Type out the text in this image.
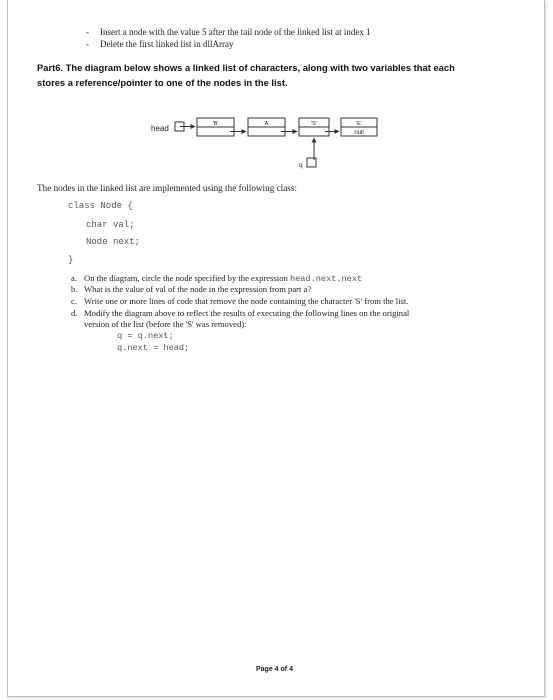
- Insert a node with the value 5 after the tail node of the linked list at index 1
- Delete the first linked list in dllArray
Part6. The diagram below shows a linked list of characters, along with two variables that each
stores a reference/pointer to one of the nodes in the list.
head	'B'	'A'	'S'	'E'
null
q
The nodes in the linked list are implemented using the following class:
class Node {
char val;
Node next;
}
a. On the diagram, circle the node specified by the expression head.next.next
b. What is the value of val of the node in the expression from part a?
c. Write one or more lines of code that remove the node containing the character 'S' from the list.
d. Modify the diagram above to reflect the results of executing the following lines on the original
version of the list (before the 'S' was removed):
q = q.next;
q.next = head;
Page 4 of 4
